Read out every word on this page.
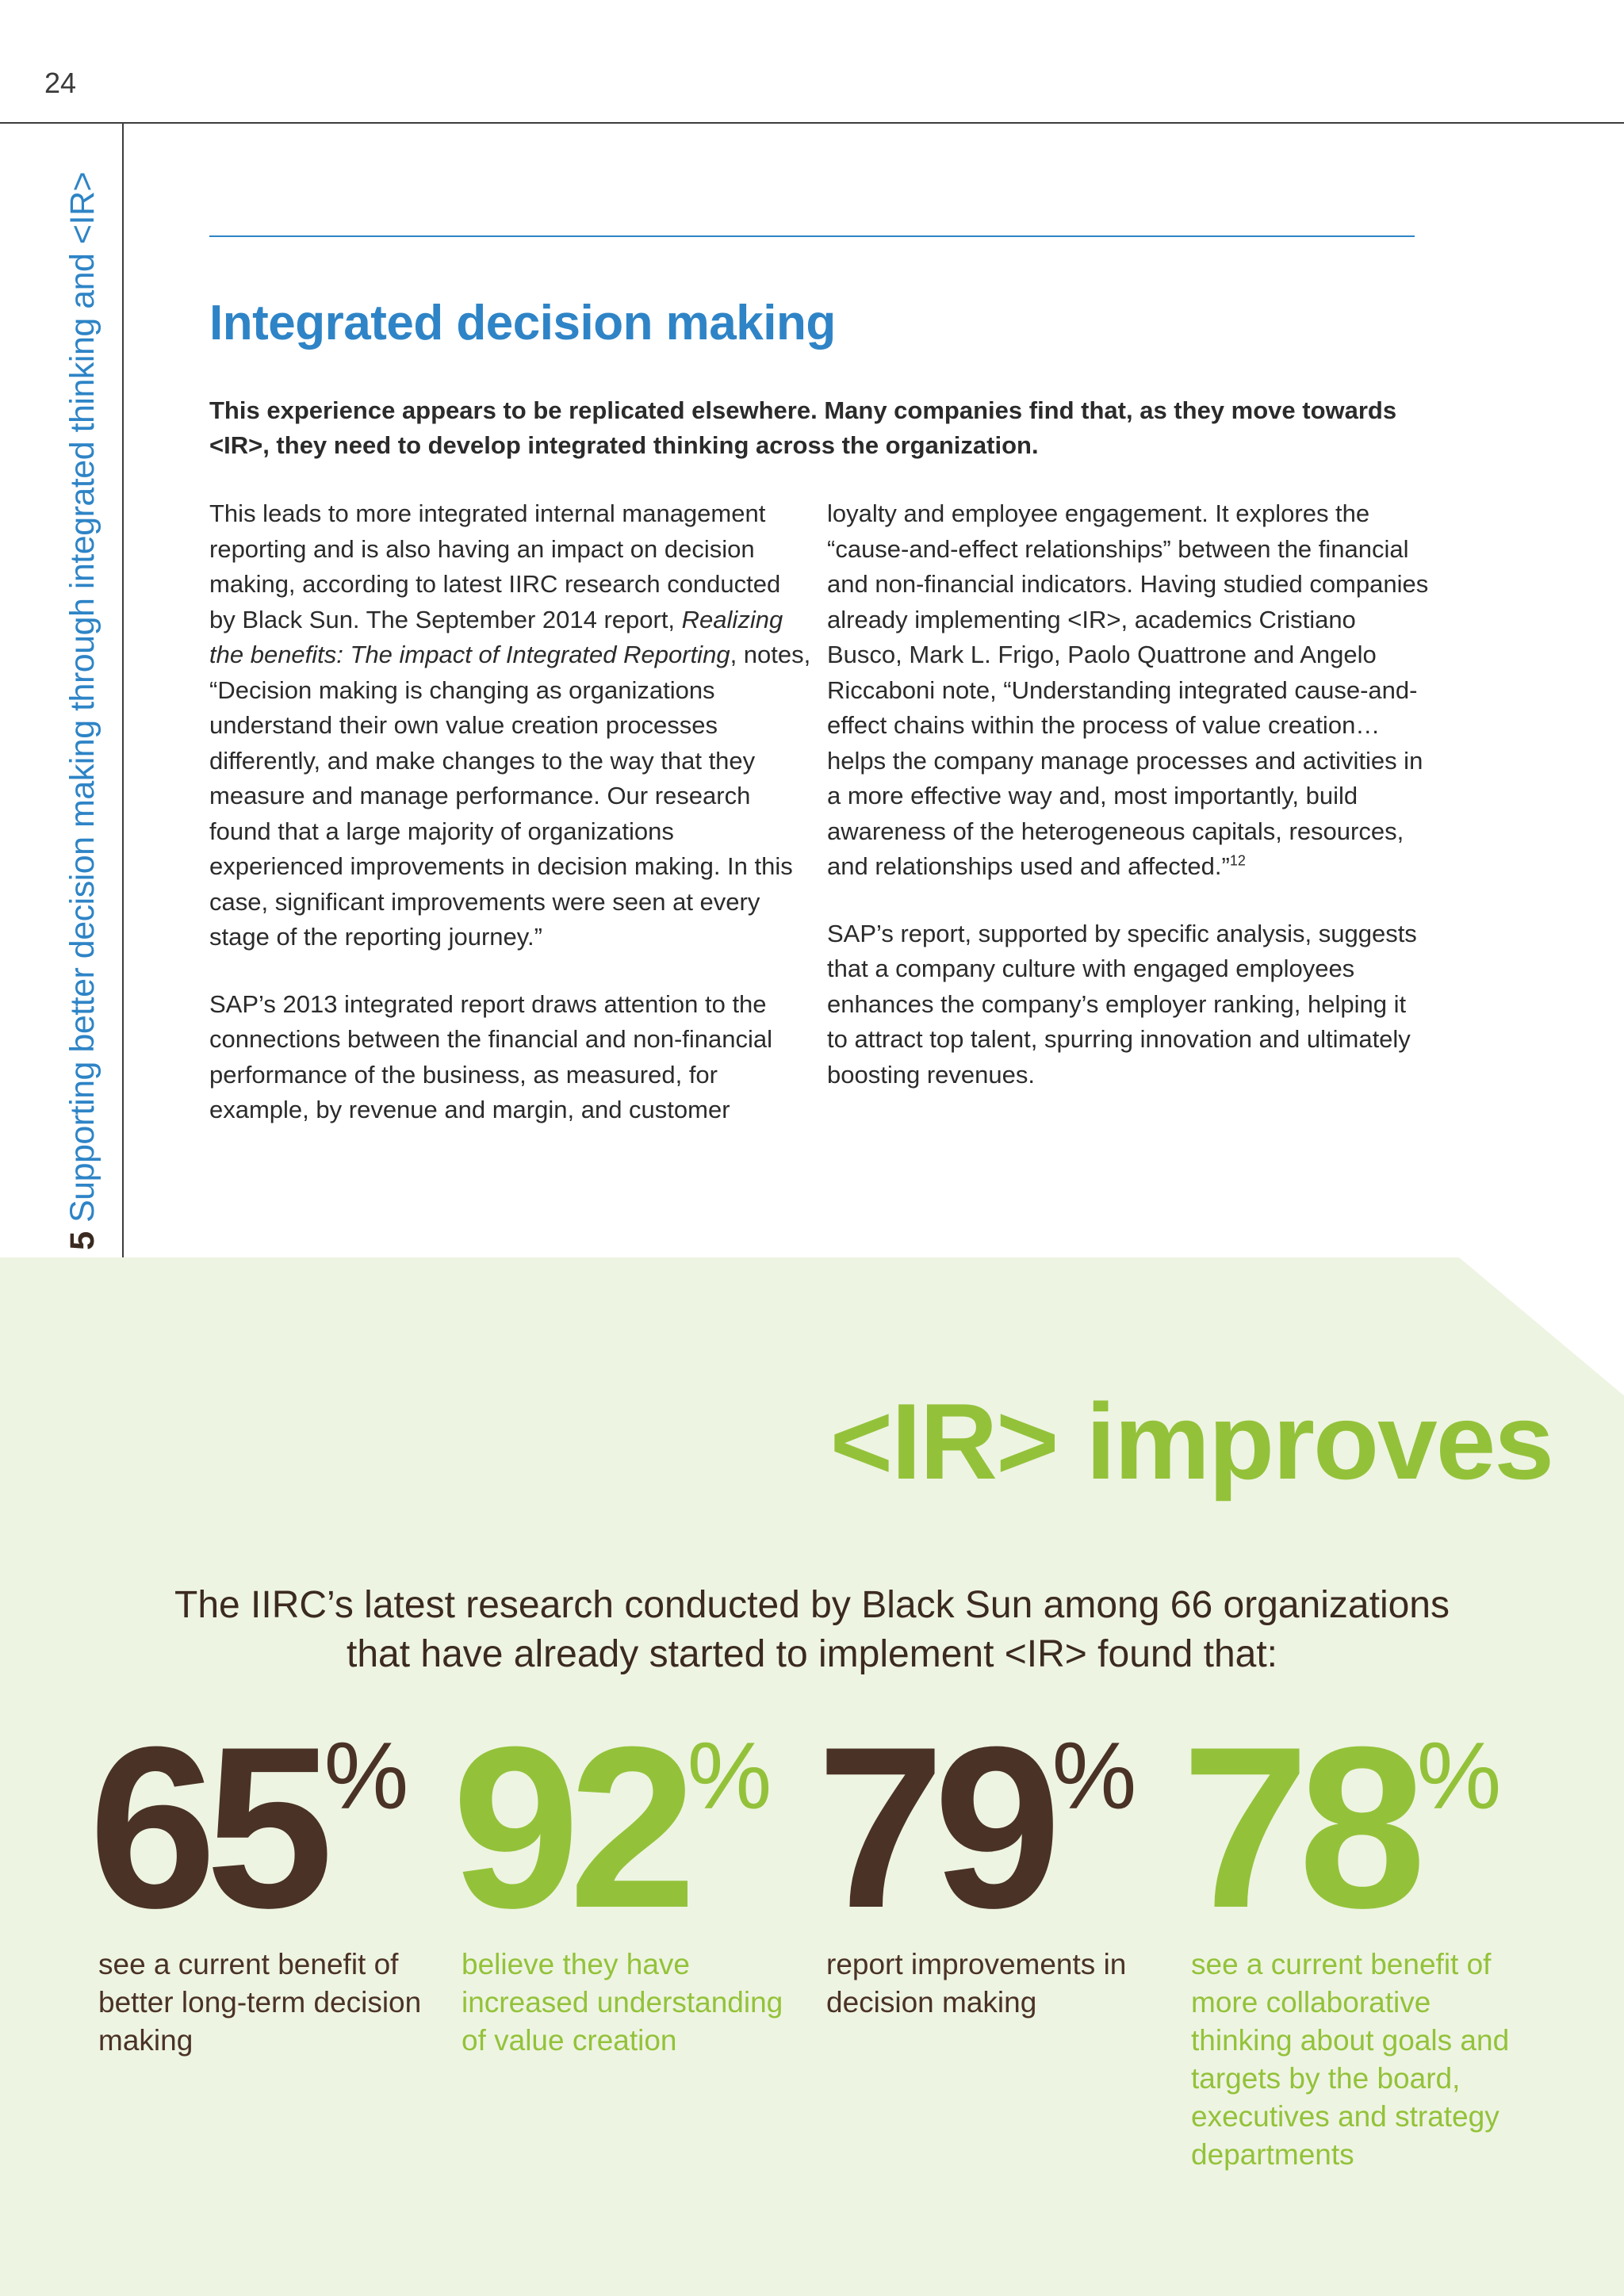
24
Supporting better decision making through integrated thinking and <IR> Integrated decision making

This experience appears to be replicated elsewhere. Many companies find that, as they move towards <IR>, they need to develop integrated thinking across the organization.

This leads to more integrated internal management reporting and is also having an impact on decision making, according to latest IIRC research conducted by Black Sun. The September 2014 report, Realizing the benefits: The impact of Integrated Reporting, notes, “Decision making is changing as organizations understand their own value creation processes differently, and make changes to the way that they measure and manage performance. Our research found that a large majority of organizations experienced improvements in decision making. In this case, significant improvements were seen at every stage of the reporting journey.”

SAP’s 2013 integrated report draws attention to the connections between the financial and non-financial performance of the business, as measured, for example, by revenue and margin, and customer

loyalty and employee engagement. It explores the “cause-and-effect relationships” between the financial and non-financial indicators. Having studied companies already implementing <IR>, academics Cristiano Busco, Mark L. Frigo, Paolo Quattrone and Angelo Riccaboni note, “Understanding integrated cause-and-effect chains within the process of value creation… helps the company manage processes and activities in a more effective way and, most importantly, build awareness of the heterogeneous capitals, resources, and relationships used and affected.”$^{12}$

SAP’s report, supported by specific analysis, suggests that a company culture with engaged employees enhances the company’s employer ranking, helping it to attract top talent, spurring innovation and ultimately boosting revenues.

<IR> improves
The IIRC’s latest research conducted by Black Sun among 66 organizations
that have already started to implement <IR> found that:
65 %
see a current benefit of better long-term decision making
92 %
believe they have increased understanding of value creation
79 %
report improvements in decision making
78 %
see a current benefit of more collaborative thinking about goals and targets by the board, executives and strategy departments
